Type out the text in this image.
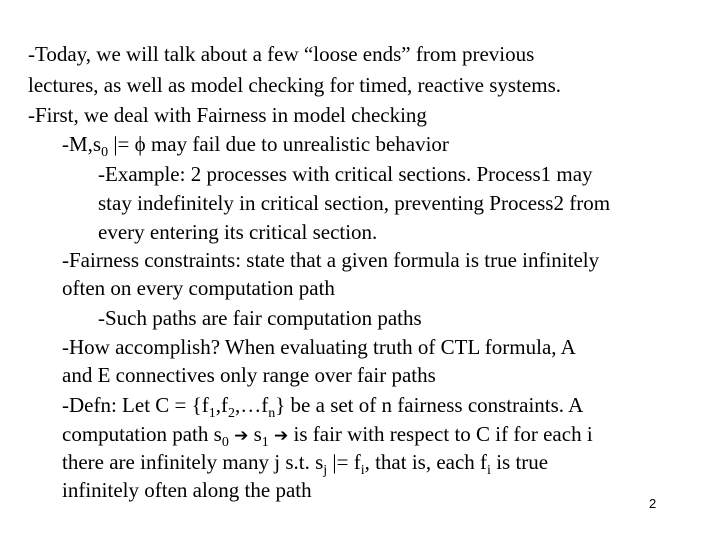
-Today, we will talk about a few “loose ends” from previous
lectures, as well as model checking for timed, reactive systems.
-First, we deal with Fairness in model checking
$-M,s_0$ |= ϕ may fail due to unrealistic behavior
-Example: 2 processes with critical sections. Process1 may
stay indefinitely in critical section, preventing Process2 from
every entering its critical section.
-Fairness constraints: state that a given formula is true infinitely
often on every computation path
-Such paths are fair computation paths
-How accomplish? When evaluating truth of CTL formula, A
and E connectives only range over fair paths
-Defn: Let $C = \{f_1,f_2,\dots f_n\}$ be a set of n fairness constraints. A
computation path $s_0$ ➔ $s_1$ ➔ is fair with respect to C if for each i
there are infinitely many j s.t. $s_j$ |= $f_i$, that is, each $f_i$ is true
infinitely often along the path
2
